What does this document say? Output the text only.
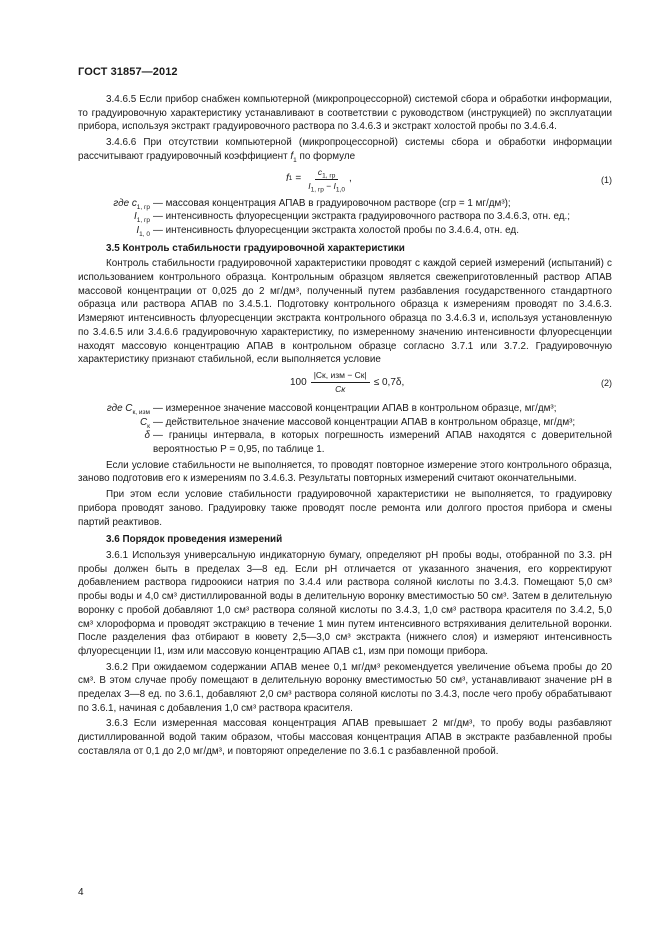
ГОСТ 31857—2012

3.4.6.5 Если прибор снабжен компьютерной (микропроцессорной) системой сбора и обработки информации, то градуировочную характеристику устанавливают в соответствии с руководством (инструкцией) по эксплуатации прибора, используя экстракт градуировочного раствора по 3.4.6.3 и экстракт холостой пробы по 3.4.6.4.

3.4.6.6 При отсутствии компьютерной (микропроцессорной) системы сбора и обработки информации рассчитывают градуировочный коэффициент $f_1$ по формуле

f $1 = \frac{c_{1, гр}}{I_{1, гр} - I_{1,0}}$ ,	(1)
где $c_{1, гр}$ — массовая концентрация АПАВ в градуировочном растворе (cгр = 1 мг/дм³);
$I_{1, гр}$ — интенсивность флуоресценции экстракта градуировочного раствора по 3.4.6.3, отн. ед.;
$I_{1, 0}$ — интенсивность флуоресценции экстракта холостой пробы по 3.4.6.4, отн. ед.

3.5 Контроль стабильности градуировочной характеристики

Контроль стабильности градуировочной характеристики проводят с каждой серией измерений (испытаний) с использованием контрольного образца. Контрольным образцом является свежеприготовленный раствор АПАВ массовой концентрации от 0,025 до 2 мг/дм³, полученный путем разбавления государственного стандартного образца или раствора АПАВ по 3.4.5.1. Подготовку контрольного образца к измерениям проводят по 3.4.6.3. Измеряют интенсивность флуоресценции экстракта контрольного образца по 3.4.6.3 и, используя установленную по 3.4.6.5 или 3.4.6.6 градуировочную характеристику, по измеренному значению интенсивности флуоресценции находят массовую концентрацию АПАВ в контрольном образце согласно 3.7.1 или 3.7.2. Градуировочную характеристику признают стабильной, если выполняется условие

$100 \frac{\text{|Cк, изм − Cк|}}{Cк} \le 0,7\delta$,	(2)
где $C_{к, изм}$ — измеренное значение массовой концентрации АПАВ в контрольном образце, мг/дм³;
$C_к$ — действительное значение массовой концентрации АПАВ в контрольном образце, мг/дм³;
δ — границы интервала, в которых погрешность измерений АПАВ находятся с доверительной вероятностью P = 0,95, по таблице 1.

Если условие стабильности не выполняется, то проводят повторное измерение этого контрольного образца, заново подготовив его к измерениям по 3.4.6.3. Результаты повторных измерений считают окончательными.

При этом если условие стабильности градуировочной характеристики не выполняется, то градуировку прибора проводят заново. Градуировку также проводят после ремонта или долгого простоя прибора и смены партий реактивов.

3.6 Порядок проведения измерений

3.6.1 Используя универсальную индикаторную бумагу, определяют pH пробы воды, отобранной по 3.3. pH пробы должен быть в пределах 3—8 ед. Если pH отличается от указанного значения, его корректируют добавлением раствора гидроокиси натрия по 3.4.4 или раствора соляной кислоты по 3.4.3. Помещают 5,0 см³ пробы воды и 4,0 см³ дистиллированной воды в делительную воронку вместимостью 50 см³. Затем в делительную воронку с пробой добавляют 1,0 см³ раствора соляной кислоты по 3.4.3, 1,0 см³ раствора красителя по 3.4.2, 5,0 см³ хлороформа и проводят экстракцию в течение 1 мин путем интенсивного встряхивания делительной воронки. После разделения фаз отбирают в кювету 2,5—3,0 см³ экстракта (нижнего слоя) и измеряют интенсивность флуоресценции I1, изм или массовую концентрацию АПАВ c1, изм при помощи прибора.

3.6.2 При ожидаемом содержании АПАВ менее 0,1 мг/дм³ рекомендуется увеличение объема пробы до 20 см³. В этом случае пробу помещают в делительную воронку вместимостью 50 см³, устанавливают значение pH в пределах 3—8 ед. по 3.6.1, добавляют 2,0 см³ раствора соляной кислоты по 3.4.3, после чего пробу обрабатывают по 3.6.1, начиная с добавления 1,0 см³ раствора красителя.

3.6.3 Если измеренная массовая концентрация АПАВ превышает 2 мг/дм³, то пробу воды разбавляют дистиллированной водой таким образом, чтобы массовая концентрация АПАВ в экстракте разбавленной пробы составляла от 0,1 до 2,0 мг/дм³, и повторяют определение по 3.6.1 с разбавленной пробой.

4
